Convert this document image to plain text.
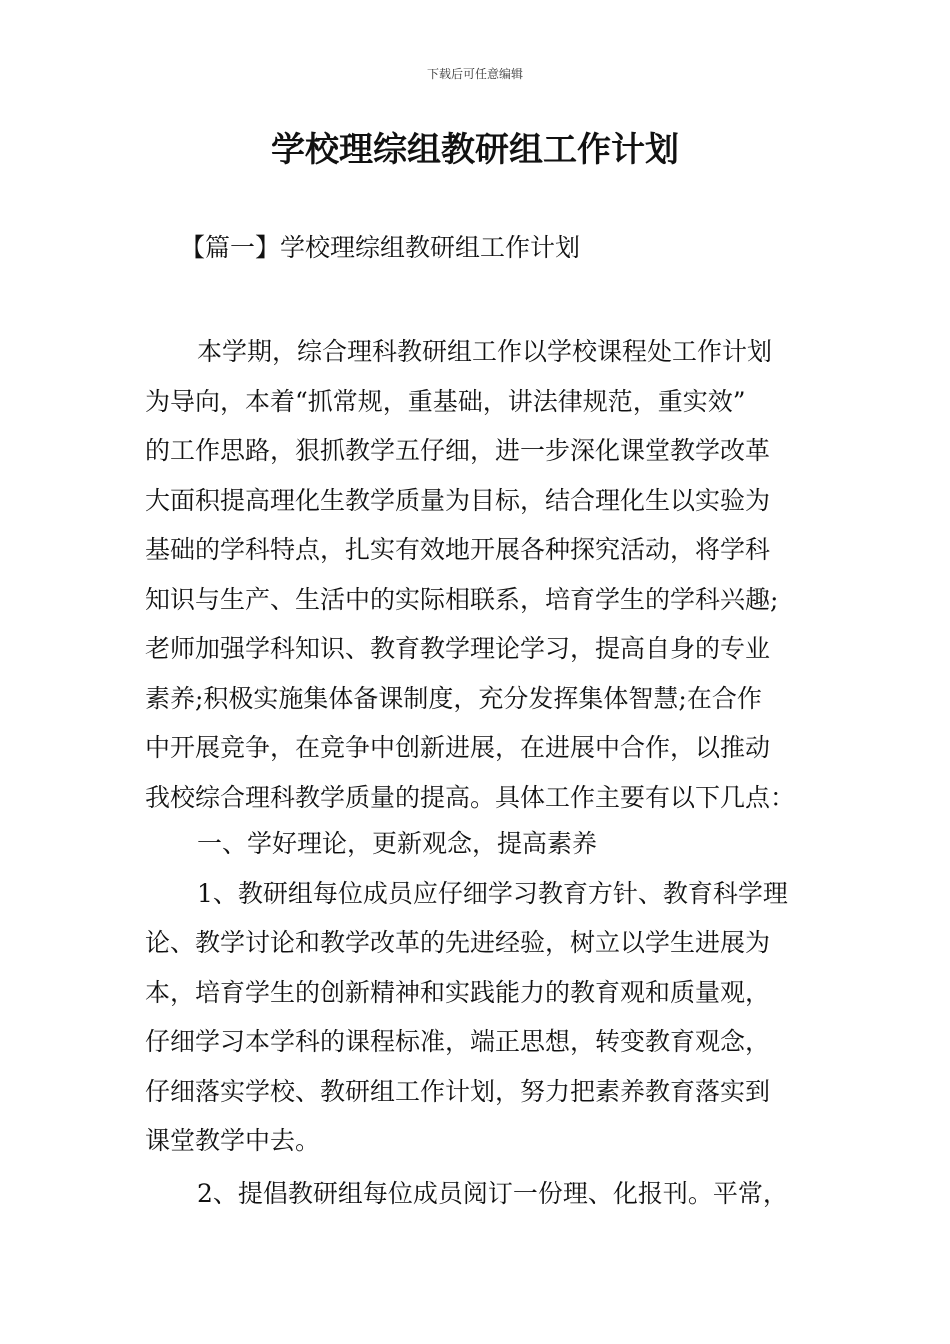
下载后可任意编辑
学校理综组教研组工作计划
【篇一】学校理综组教研组工作计划
本学期，综合理科教研组工作以学校课程处工作计划
为导向，本着“抓常规，重基础，讲法律规范，重实效”
的工作思路，狠抓教学五仔细，进一步深化课堂教学改革
大面积提高理化生教学质量为目标，结合理化生以实验为
基础的学科特点，扎实有效地开展各种探究活动，将学科
知识与生产、生活中的实际相联系，培育学生的学科兴趣;
老师加强学科知识、教育教学理论学习，提高自身的专业
素养;积极实施集体备课制度，充分发挥集体智慧;在合作
中开展竞争，在竞争中创新进展，在进展中合作，以推动
我校综合理科教学质量的提高。具体工作主要有以下几点：
一、学好理论，更新观念，提高素养
1、教研组每位成员应仔细学习教育方针、教育科学理
论、教学讨论和教学改革的先进经验，树立以学生进展为
本，培育学生的创新精神和实践能力的教育观和质量观，
仔细学习本学科的课程标准，端正思想，转变教育观念，
仔细落实学校、教研组工作计划，努力把素养教育落实到
课堂教学中去。
2、提倡教研组每位成员阅订一份理、化报刊。平常，
